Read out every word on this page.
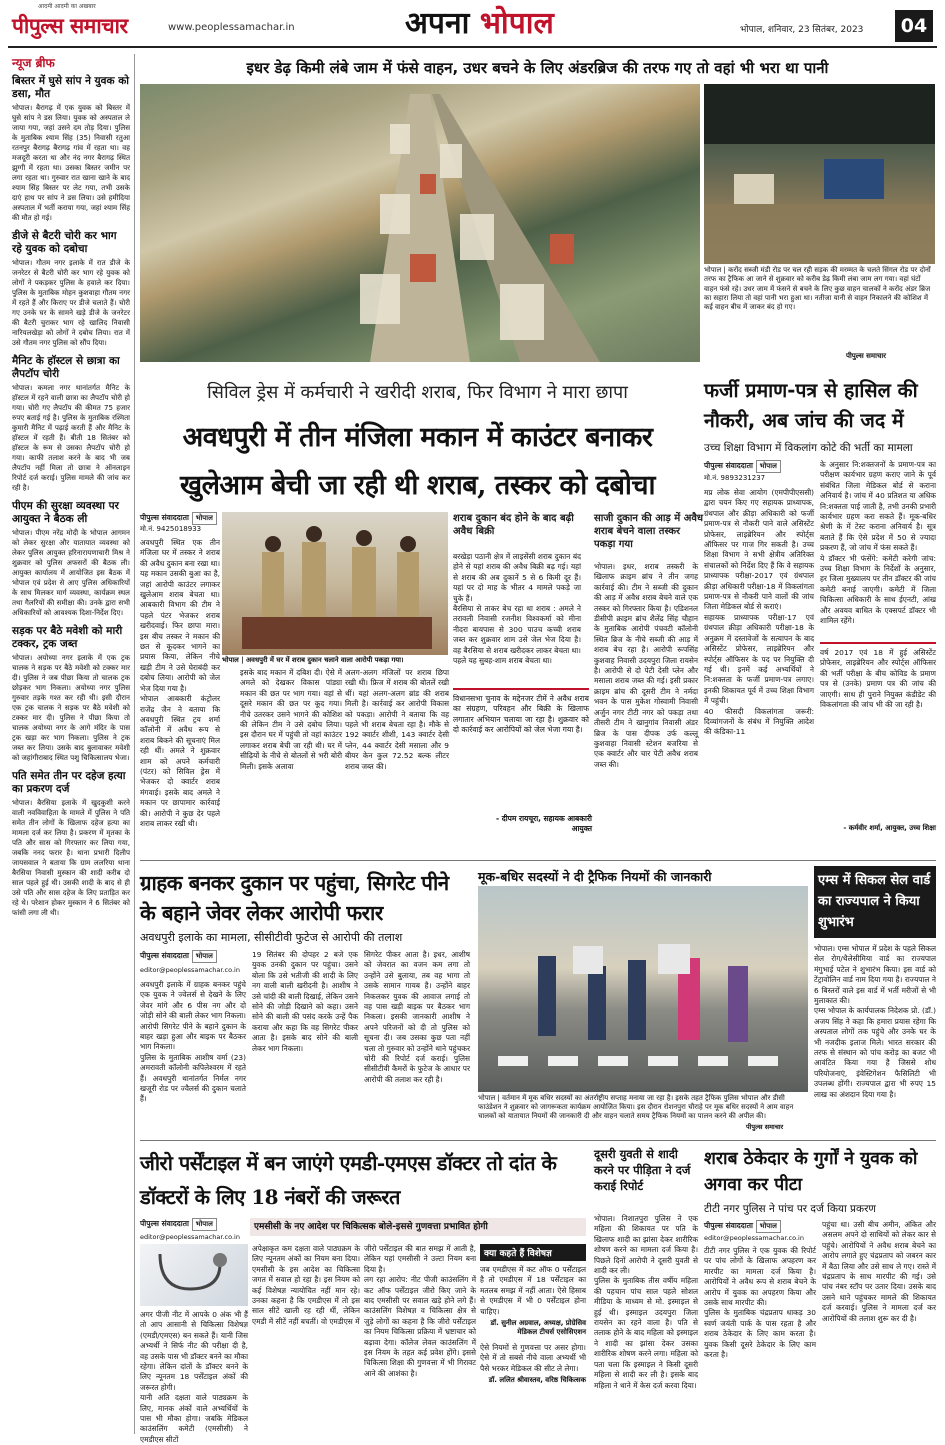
आदमी आदमी का अखबार
पीपुल्स समाचार	www.peoplessamachar.in	अपना भोपाल	भोपाल, शनिवार, 23 सितंबर, 2023	04
न्यूज ब्रीफ
बिस्तर में घुसे सांप ने युवक को डसा, मौत
भोपाल। बैरागढ़ में एक युवक को बिस्तर में घुसे सांप ने डस लिया। युवक को अस्पताल ले जाया गया, जहां उसने दम तोड़ दिया। पुलिस के मुताबिक श्याम सिंह (35) निवासी रतुआ रतनपुर बैरागढ़ बैरागढ़ गांव में रहता था। वह मजदूरी करता था और नंद नगर बैरागढ़ स्थित झुग्गी में रहता था। उसका बिस्तर जमीन पर लगा रहता था। गुरुवार रात खाना खाने के बाद श्याम सिंह बिस्तर पर लेट गया, तभी उसके दाएं हाथ पर सांप ने डस लिया। उसे हमीदिया अस्पताल में भर्ती कराया गया, जहां श्याम सिंह की मौत हो गई।
डीजे से बैटरी चोरी कर भाग रहे युवक को दबोचा
भोपाल। गौतम नगर इलाके में रात डीजे के जनरेटर से बैटरी चोरी कर भाग रहे युवक को लोगों ने पकड़कर पुलिस के हवाले कर दिया। पुलिस के मुताबिक मोहन कुशवाहा गौतम नगर में रहते हैं और किराए पर डीजे चलाते हैं। चोरी गए उनके घर के सामने खड़े डीजे के जनरेटर की बैटरी चुराकर भाग रहे खालिद निवासी नारियलखेड़ा को लोगों ने दबोच लिया। रात में उसे गौतम नगर पुलिस को सौंप दिया।
मैनिट के हॉस्टल से छात्रा का लैपटॉप चोरी
भोपाल। कमला नगर थानांतर्गत मैनिट के हॉस्टल में रहने वाली छात्रा का लैपटॉप चोरी हो गया। चोरी गए लैपटॉप की कीमत 75 हजार रुपए बताई गई है। पुलिस के मुताबिक रश्मिता कुमारी मैनिट में पढ़ाई करती हैं और मैनिट के हॉस्टल में रहती हैं। बीती 18 सितंबर को हॉस्टल के रूम से उसका लैपटॉप चोरी हो गया। काफी तलाश करने के बाद भी जब लैपटॉप नहीं मिला तो छात्रा ने ऑनलाइन रिपोर्ट दर्ज कराई। पुलिस मामले की जांच कर रही है।
पीएम की सुरक्षा व्यवस्था पर आयुक्त ने बैठक ली
भोपाल। पीएम नरेंद्र मोदी के भोपाल आगमन को लेकर सुरक्षा और यातायात व्यवस्था को लेकर पुलिस आयुक्त हरिनारायणाचारी मिश्र ने शुक्रवार को पुलिस अफसरों की बैठक ली। आयुक्त कार्यालय में आयोजित इस बैठक में भोपाल एवं प्रदेश से आए पुलिस अधिकारियों के साथ मिलकर मार्ग व्यवस्था, कार्यक्रम स्थल तथा गैलरियों की समीक्षा की। उनके द्वारा सभी अधिकारियों को आवश्यक दिशा-निर्देश दिए।
सड़क पर बैठे मवेशी को मारी टक्कर, ट्रक जब्त
भोपाल। अयोध्या नगर इलाके में एक ट्रक चालक ने सड़क पर बैठे मवेशी को टक्कर मार दी। पुलिस ने जब पीछा किया तो चालक ट्रक छोड़कर भाग निकला। अयोध्या नगर पुलिस गुरुवार तड़के गश्त कर रही थी। इसी दौरान एक ट्रक चालक ने सड़क पर बैठे मवेशी को टक्कर मार दी। पुलिस ने पीछा किया तो चालक अयोध्या नगर के आगे मंदिर के पास ट्रक खड़ा कर भाग निकला। पुलिस ने ट्रक जब्त कर लिया। उसके बाद बुलावाकर मवेशी को जहांगीराबाद स्थित पशु चिकित्सालय भेजा।
पति समेत तीन पर दहेज हत्या का प्रकरण दर्ज
भोपाल। बैरसिया इलाके में खुदकुशी करने वाली नवविवाहिता के मामले में पुलिस ने पति समेत तीन लोगों के खिलाफ दहेज हत्या का मामला दर्ज कर लिया है। प्रकरण में मृतका के पति और सास को गिरफ्तार कर लिया गया, जबकि ननद फरार है। थाना प्रभारी दिलीप जायसवाल ने बताया कि ग्राम ललरिया थाना बैरसिया निवासी मुस्कान की शादी करीब दो साल पहले हुई थी। उसकी शादी के बाद से ही उसे पति और सास दहेज के लिए प्रताड़ित कर रहे थे। परेशान होकर मुस्कान ने 6 सितंबर को फांसी लगा ली थी।
इधर डेढ़ किमी लंबे जाम में फंसे वाहन, उधर बचने के लिए अंडरब्रिज की तरफ गए तो वहां भी भरा था पानी
भोपाल | करोंद सब्जी मंडी रोड पर चल रही सड़क की मरम्मत के चलते सिंगल रोड पर दोनों तरफ का ट्रैफिक आ जाने से शुक्रवार को करीब डेढ़ किमी लंबा जाम लग गया। वहां घंटों वाहन फंसे रहे। उधर जाम में फंसने से बचने के लिए कुछ वाहन चालकों ने करोंद अंडर ब्रिज का सहारा लिया तो वहां पानी भरा हुआ था। नतीजा यानी से वाहन निकालने की कोशिश में कई वाहन बीच में जाकर बंद हो गए।
पीपुल्स समाचार
सिविल ड्रेस में कर्मचारी ने खरीदी शराब, फिर विभाग ने मारा छापा
अवधपुरी में तीन मंजिला मकान में काउंटर बनाकर खुलेआम बेची जा रही थी शराब, तस्कर को दबोचा
पीपुल्स संवाददाता भोपाल
मो.नं. 9425018933
भोपाल | अवधपुरी में घर में शराब दुकान चलाने वाला आरोपी पकड़ा गया।
अवधपुरी स्थित एक तीन मंजिला घर में तस्कर ने शराब की अवैध दुकान बना रखा था। यह मकान उसकी बुआ का है, जहां आरोपी काउंटर लगाकर खुलेआम शराब बेचता था। आबकारी विभाग की टीम ने पहले पंटर भेजकर शराब खरीदवाई। फिर छापा मारा। इस बीच तस्कर ने मकान की छत से कूदकर भागने का प्रयास किया, लेकिन नीचे खड़ी टीम ने उसे घेराबंदी कर दबोच लिया। आरोपी को जेल भेज दिया गया है।
भोपाल आबकारी कंट्रोलर राजेंद्र जैन ने बताया कि अवधपुरी स्थित ट्रय शर्मा कॉलोनी में अवैध रूप से शराब बिकने की सूचनाएं मिल रही थीं। अमले ने शुक्रवार शाम को अपने कर्मचारी (पंटर) को सिविल ड्रेस में भेजकर दो क्वार्टर शराब मंगवाई। इसके बाद अमले ने मकान पर छापामार कार्रवाई की। आरोपी ने कुछ देर पहले शराब लाकर रखी थी।
इसके बाद मकान में दबिश दी। ऐसे में अमले को देखकर विकास पांड्या मकान की छत पर भाग गया। वहां से दूसरे मकान की छत पर कूद गया। नीचे उतरकर उसने भागने की कोशिश की लेकिन टीम ने उसे दबोच लिया। इस दौरान घर में पहुंची तो वहां काउंटर लगाकर शराब बेची जा रही थी। घर में सीढ़ियों के नीचे से बोतलों से भरी बोरी मिली। इसके अलावा
अलग-अलग मंजिलों पर शराब छिपा रखी थी। फ्रिज में शराब की बोतलें रखी थीं। यहां अलग-अलग ब्रांड की शराब मिली है। कार्रवाई कर आरोपी विकास को पकड़ा। आरोपी ने बताया कि वह पहले भी शराब बेचता रहा है। मौके से 192 क्वार्टर शीशी, 143 क्वार्टर देसी प्लेन, 44 क्वार्टर देसी मसाला और 9 बीयर केन कुल 72.52 बल्क लीटर शराब जब्त की।
शराब दुकान बंद होने के बाद बढ़ी अवैध बिक्री
बरखेड़ा पठानी क्षेत्र में लाइसेंसी शराब दुकान बंद होने से यहां शराब की अवैध बिक्री बढ़ गई। यहां से शराब की अब दुकानें 5 से 6 किमी दूर हैं। यहां पर दो माह के भीतर 4 मामले पकड़े जा चुके हैं।
बैरसिया से ताकर बेच रहा था शराब : अमले ने तरावली निवासी रजनीश विश्वकर्मा को मीना नीदरा बायपास से 300 पाउच कच्ची शराब जब्त कर शुक्रवार शाम उसे जेल भेज दिया है। वह बैरसिया से शराब खरीदकर लाकर बेचता था। पहले यह सुबह-शाम शराब बेचता था।
साजी दुकान की आड़ में अवैध शराब बेचने वाला तस्कर पकड़ा गया
भोपाल। इधर, शराब तस्करी के खिलाफ क्राइम ब्रांच ने तीन जगह कार्रवाई की। टीम ने सब्जी की दुकान की आड़ में अवैध शराब बेचने वाले एक तस्कर को गिरफ्तार किया है। एडिशनल डीसीपी क्राइम ब्रांच शैलेंद्र सिंह चौहान के मुताबिक आरोपी पंचवटी कॉलोनी स्थित ब्रिज के नीचे सब्जी की आड़ में शराब बेच रहा है। आरोपी रूपसिंह कुशवाह निवासी उदयपुरा जिला रायसेन है। आरोपी से दो पेटी देसी प्लेन और मसाला शराब जब्त की गई। इसी प्रकार क्राइम ब्रांच की दूसरी टीम ने नर्मदा भवन के पास मुकेश गोस्वामी निवासी अर्जुन नगर टीटी नगर को पकड़ा तथा तीसरी टीम ने खानुगांव निवासी अंडर ब्रिज के पास दीपक उर्फ कल्लू कुशवाहा निवासी स्टेशन बजरिया से एक क्वार्टर और चार पेटी अवैध शराब जब्त की।
विधानसभा चुनाव के मद्देनजर टीमें ने अवैध शराब का संग्रहण, परिवहन और बिक्री के खिलाफ लगातार अभियान चलाया जा रहा है। शुक्रवार को दो कार्रवाई कर आरोपियों को जेल भेजा गया है।
- दीपम रायचूरा, सहायक आबकारी आयुक्त
फर्जी प्रमाण-पत्र से हासिल की नौकरी, अब जांच की जद में
उच्च शिक्षा विभाग में विकलांग कोटे की भर्ती का मामला
पीपुल्स संवाददाता भोपाल
मो.नं. 9893231237
मप्र लोक सेवा आयोग (एमपीपीएससी) द्वारा चयन किए गए सहायक प्राध्यापक, ग्रंथपाल और क्रीड़ा अधिकारी को फर्जी प्रमाण-पत्र से नौकरी पाने वाले असिस्टेंट प्रोफेसर, लाइब्रेरियन और स्पोर्ट्स ऑफिसर पर गाज गिर सकती है। उच्च शिक्षा विभाग ने सभी क्षेत्रीय अतिरिक्त संचालकों को निर्देश दिए हैं कि वे सहायक प्राध्यापक परीक्षा-2017 एवं ग्रंथपाल क्रीड़ा अधिकारी परीक्षा-18 में विकलांगता प्रमाण-पत्र से नौकरी पाने वालों की जांच जिला मेडिकल बोर्ड से कराएं।
सहायक प्राध्यापक परीक्षा-17 एवं ग्रंथपाल क्रीड़ा अधिकारी परीक्षा-18 के अनुक्रम में दस्तावेजों के सत्यापन के बाद असिस्टेंट प्रोफेसर, लाइब्रेरियन और स्पोर्ट्स ऑफिसर के पद पर नियुक्ति दी गई थी। इनमें कई अभ्यर्थियों ने नि:शक्तता के फर्जी प्रमाण-पत्र लगाए। इनकी शिकायत पूर्व में उच्च शिक्षा विभाग में पहुंची।
40 फीसदी विकलांगता जरूरी: दिव्यांगजनों के संबंध में नियुक्ति आदेश की कंडिका-11
के अनुसार नि:शक्तजनों के प्रमाण-पत्र का परीक्षण कार्यभार ग्रहण कराए जाने के पूर्व संबंधित जिला मेडिकल बोर्ड से कराना अनिवार्य है। जांच में 40 प्रतिशत या अधिक नि:शक्तता पाई जाती है, तभी उनकी प्रभारी कार्यभार ग्रहण करा सकते हैं। मूक-बधिर श्रेणी के में टेस्ट कराना अनिवार्य है। सूत्र बताते हैं कि ऐसे प्रदेश में 50 से ज्यादा प्रकरण हैं, जो जांच में फंस सकते हैं।
ये डॉक्टर भी फंसेंगे: कमेटी करेगी जांच: उच्च शिक्षा विभाग के निर्देशों के अनुसार, हर जिला मुख्यालय पर तीन डॉक्टर की जांच कमेटी बनाई जाएगी। कमेटी में जिला चिकित्सा अधिकारी के साथ ईएनटी, आंख और अवयव बाधित के एक्सपर्ट डॉक्टर भी शामिल रहेंगे।
वर्ष 2017 एवं 18 में हुई असिस्टेंट प्रोफेसर, लाइब्रेरियन और स्पोर्ट्स ऑफिसर की भर्ती परीक्षा के बीच कोविड के प्रमाण पत्र से (उनके) प्रमाण पत्र की जांच की जाएगी। साथ ही पुराने नियुक्त कंडीडेट की विकलांगता की जांच भी की जा रही है।
- कर्मवीर शर्मा, आयुक्त, उच्च शिक्षा
ग्राहक बनकर दुकान पर पहुंचा, सिगरेट पीने के बहाने जेवर लेकर आरोपी फरार
अवधपुरी इलाके का मामला, सीसीटीवी फुटेज से आरोपी की तलाश
पीपुल्स संवाददाता भोपाल
editor@peoplessamachar.co.in
अवधपुरी इलाके में ग्राहक बनकर पहुंचे एक युवक ने ज्वेलर्स से देखने के लिए जेवर मांगे और 6 पीस नग और दो जोड़ी सोने की बाली लेकर भाग निकला। आरोपी सिगरेट पीने के बहाने दुकान के बाहर खड़ा हुआ और बाइक पर बैठकर भाग निकला।
पुलिस के मुताबिक आशीष वर्मा (23) अमरावती कॉलोनी कपिलेश्वरम में रहते हैं। अवधपुरी थानांतर्गत निर्मल नगर खजूरी रोड पर ज्वैलर्स की दुकान चलाते हैं।
19 सितंबर की दोपहर 2 बजे एक युवक उनकी दुकान पर पहुंचा। उसने बोला कि उसे भतीजी की शादी के लिए नग वाली बाली खरीदनी है। आशीष ने उसे चांदी की बाली दिखाई, लेकिन उसने सोने की जोड़ी दिखाने को कहा। उसने सोने की बाली की पसंद करके उन्हें पैक कराया और कहा कि वह सिगरेट पीकर आता है। इसके बाद सोने की बाली लेकर भाग निकला।
सिगरेट पीकर आता है। इधर, आशीष को जेवरात का वजन कम लगा तो उन्होंने उसे बुलाया, तब वह भागा तो उसके सामान गायब है। उन्होंने बाहर निकलकर युवक की आवाज लगाई तो वह पास खड़ी बाइक पर बैठकर भाग निकला। इसकी जानकारी आशीष ने अपने परिजनों को दी तो पुलिस को सूचना दी। जब उसका कुछ पता नहीं चला तो गुरुवार को उन्होंने थाने पहुंचकर चोरी की रिपोर्ट दर्ज कराई। पुलिस सीसीटीवी कैमरों के फुटेज के आधार पर आरोपी की तलाश कर रही है।
मूक-बधिर सदस्यों ने दी ट्रैफिक नियमों की जानकारी
भोपाल | वर्तमान में मूक बधिर सदस्यों का अंतर्राष्ट्रीय सप्ताह मनाया जा रहा है। इसके तहत ट्रैफिक पुलिस भोपाल और डीसी फाउंडेशन ने शुक्रवार को जागरूकता कार्यक्रम आयोजित किया। इस दौरान रोशनपुरा चौराहे पर मूक बधिर सदस्यों ने आम वाहन चालकों को यातायात नियमों की जानकारी दी और वाहन चलाते समय ट्रैफिक नियमों का पालन करने की अपील की।
पीपुल्स समाचार
एम्स में सिकल सेल वार्ड का राज्यपाल ने किया शुभारंभ
भोपाल। एम्स भोपाल में प्रदेश के पहले सिकल सेल रोग/थैलेसीमिया वार्ड का राज्यपाल मंगुभाई पटेल ने शुभारंभ किया। इस वार्ड को टेंट्रावोलिन वार्ड नाम दिया गया है। राज्यपाल ने 6 बिस्तरों वाले इस वार्ड में भर्ती मरीजों से भी मुलाकात की।
एम्स भोपाल के कार्यपालक निदेशक प्रो. (डॉ.) अजय सिंह ने कहा कि हमारा प्रयास रहेगा कि अस्पताल लोगों तक पहुंचे और उनके घर के भी नजदीक इलाज मिले। भारत सरकार की तरफ से संस्थान को पांच करोड़ का बजट भी आवंटित किया गया है जिससे शोध परियोजनाएं, इंवेस्टिगेशन फैसिलिटी भी उपलब्ध होंगी। राज्यपाल द्वारा भी रुपए 15 लाख का अंशदान दिया गया है।
जीरो पर्सेंटाइल में बन जाएंगे एमडी-एमएस डॉक्टर तो दांत के डॉक्टरों के लिए 18 नंबरों की जरूरत
एमसीसी के नए आदेश पर चिकित्सक बोले-इससे गुणवत्ता प्रभावित होगी
पीपुल्स संवाददाता भोपाल
editor@peoplessamachar.co.in
अगर पीजी नीट में आपके 0 अंक भी हैं तो आप आसानी से चिकित्सा विशेषज्ञ (एमडी/एमएस) बन सकते हैं। यानी जिस अभ्यर्थी ने सिर्फ नीट की परीक्षा दी है, वह उसके पास भी डॉक्टर बनने का मौका रहेगा। लेकिन दांतों के डॉक्टर बनने के लिए न्यूनतम 18 पर्सेंटाइल अंकों की जरूरत होगी।
यानी अति दक्षता वाले पाठ्यक्रम के लिए, मानक अंकों वाले अभ्यर्थियों के पास भी मौका होगा। जबकि मेडिकल काउंसलिंग कमेटी (एमसीसी) ने एमडीएस सीटों
अपेक्षाकृत कम दक्षता वाले पाठ्यक्रम के लिए न्यूनतम अंकों का नियम बना दिया। एमसीसी के इस आदेश का चिकित्सा जगत में सवाल हो रहा है। इस नियम को कई विशेषज्ञ न्यायोचित नहीं मान रहे। उनका कहना है कि एमडीएस में तो इस साल सीटें खाली रह रही थीं, लेकिन एमडी में सीटें नहीं बचतीं। वो एमडीएस में
जीरो पर्सेंटाइल की बात समझ में आती है, लेकिन यहां एमसीसी ने उल्टा नियम बना दिया है।
लग रहा आरोप: नीट पीजी काउंसलिंग में कट ऑफ पर्सेंटाइल जीरो किए जाने के बाद एमसीसी पर सवाल खड़े होने लगे हैं। काउंसलिंग विशेषज्ञ व चिकित्सा क्षेत्र से जुड़े लोगों का कहना है कि जीरो पर्सेंटाइल का नियम चिकित्सा प्रक्रिया में भ्रष्टाचार को बढ़ावा देगा। कॉलेज लेवल काउंसलिंग में इस नियम के तहत कई प्रवेश होंगे। इससे चिकित्सा शिक्षा की गुणवत्ता में भी गिरावट आने की आशंका है।
क्या कहते हैं विशेषज्ञ
जब एमडीएस में कट ऑफ 0 पर्सेंटाइल है तो एमडीएस में 18 पर्सेंटाइल का मतलब समझ में नहीं आता। ऐसे हिसाब से एमडीएस में भी 0 पर्सेंटाइल होना चाहिए।
डॉ. सुनील अग्रवाल, अध्यक्ष, प्रोग्रेसिव मेडिकल टीचर्स एसोसिएशन
ऐसे नियमों से गुणवत्ता पर असर होगा। ऐसे में तो सबसे नीचे वाला अभ्यर्थी भी पैसे भरकर मेडिकल की सीट ले लेगा।
डॉ. ललित श्रीवास्तव, वरिष्ठ चिकित्सक
दूसरी युवती से शादी करने पर पीड़िता ने दर्ज कराई रिपोर्ट
भोपाल। निशातपुरा पुलिस ने एक महिला की शिकायत पर पति के खिलाफ शादी का झांसा देकर शारीरिक शोषण करने का मामला दर्ज किया है। पिछले दिनों आरोपी ने दूसरी युवती से शादी कर ली।
पुलिस के मुताबिक तीस वर्षीय महिला की पहचान पांच साल पहले सोशल मीडिया के माध्यम से मो. इस्माइल से हुई थी। इस्माइल उदयपुरा जिला रायसेन का रहने वाला है। पति से तलाक होने के बाद महिला को इस्माइल ने शादी का झांसा देकर उसका शारीरिक शोषण करने लगा। महिला को पता चला कि इस्माइल ने किसी दूसरी महिला से शादी कर ली है। इसके बाद महिला ने थाने में केस दर्ज करवा दिया।
शराब ठेकेदार के गुर्गों ने युवक को अगवा कर पीटा
टीटी नगर पुलिस ने पांच पर दर्ज किया प्रकरण
पीपुल्स संवाददाता भोपाल
editor@peoplessamachar.co.in
टीटी नगर पुलिस ने एक युवक की रिपोर्ट पर पांच लोगों के खिलाफ अपहरण कर मारपीट का मामला दर्ज किया है। आरोपियों ने अवैध रूप से शराब बेचने के आरोप में युवक का अपहरण किया और उसके साथ मारपीट की।
पुलिस के मुताबिक चंद्रप्रताप धाकड़ 30 स्वर्ण जयंती पार्क के पास रहता है और शराब ठेकेदार के लिए काम करता है। युवक किसी दूसरे ठेकेदार के लिए काम करता है।
पहुंचा था। उसी बीच अमीन, अंकित और असलम अपने दो साथियों को लेकर कार से पहुंचे। आरोपियों ने अवैध शराब बेचने का आरोप लगाते हुए चंद्रप्रताप को जबरन कार में बैठा लिया और उसे साथ ले गए। रास्ते में चंद्रप्रताप के साथ मारपीट की गई। उसे पांच नंबर स्टॉप पर उतार दिया। उसके बाद उसने थाने पहुंचकर मामले की शिकायत दर्ज करवाई। पुलिस ने मामला दर्ज कर आरोपियों की तलाश शुरू कर दी है।
